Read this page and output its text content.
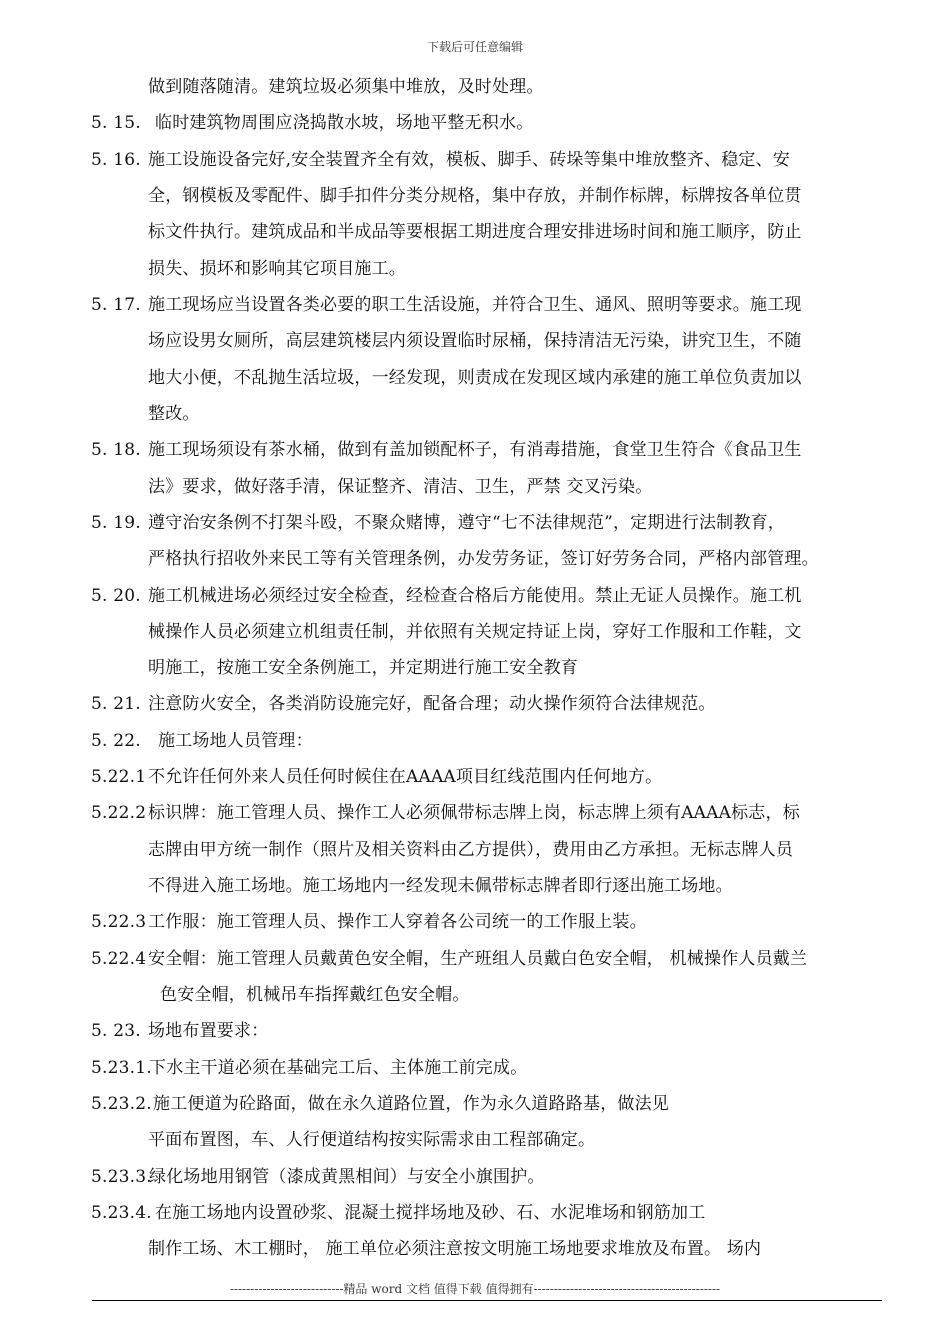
下载后可任意编辑
做到随落随清。建筑垃圾必须集中堆放，及时处理。
5. 15. 临时建筑物周围应浇捣散水坡，场地平整无积水。
5. 16. 施工设施设备完好,安全装置齐全有效，模板、脚手、砖垛等集中堆放整齐、稳定、安
全，钢模板及零配件、脚手扣件分类分规格，集中存放，并制作标牌，标牌按各单位贯
标文件执行。建筑成品和半成品等要根据工期进度合理安排进场时间和施工顺序，防止
损失、损坏和影响其它项目施工。
5. 17. 施工现场应当设置各类必要的职工生活设施，并符合卫生、通风、照明等要求。施工现
场应设男女厕所，高层建筑楼层内须设置临时尿桶，保持清洁无污染，讲究卫生，不随
地大小便，不乱抛生活垃圾，一经发现，则责成在发现区域内承建的施工单位负责加以
整改。
5. 18. 施工现场须设有茶水桶，做到有盖加锁配杯子，有消毒措施，食堂卫生符合《食品卫生
法》要求，做好落手清，保证整齐、清洁、卫生，严禁 交叉污染。
5. 19. 遵守治安条例不打架斗殴，不聚众赌博，遵守“七不法律规范”，定期进行法制教育，
严格执行招收外来民工等有关管理条例，办发劳务证，签订好劳务合同，严格内部管理。
5. 20. 施工机械进场必须经过安全检查，经检查合格后方能使用。禁止无证人员操作。施工机
械操作人员必须建立机组责任制，并依照有关规定持证上岗，穿好工作服和工作鞋，文
明施工，按施工安全条例施工，并定期进行施工安全教育
5. 21. 注意防火安全，各类消防设施完好，配备合理；动火操作须符合法律规范。
5. 22. 施工场地人员管理：
5.22.1 不允许任何外来人员任何时候住在AAAA项目红线范围内任何地方。
5.22.2 标识牌：施工管理人员、操作工人必须佩带标志牌上岗，标志牌上须有AAAA标志，标
志牌由甲方统一制作（照片及相关资料由乙方提供），费用由乙方承担。无标志牌人员
不得进入施工场地。施工场地内一经发现未佩带标志牌者即行逐出施工场地。
5.22.3 工作服：施工管理人员、操作工人穿着各公司统一的工作服上装。
5.22.4 安全帽：施工管理人员戴黄色安全帽，生产班组人员戴白色安全帽， 机械操作人员戴兰
色安全帽，机械吊车指挥戴红色安全帽。
5. 23. 场地布置要求：
5.23.1.下水主干道必须在基础完工后、主体施工前完成。
5.23.2.施工便道为砼路面，做在永久道路位置，作为永久道路路基，做法见
平面布置图，车、人行便道结构按实际需求由工程部确定。
5.23.3.绿化场地用钢管（漆成黄黑相间）与安全小旗围护。
5.23.4. 在施工场地内设置砂浆、混凝土搅拌场地及砂、石、水泥堆场和钢筋加工
制作工场、木工棚时， 施工单位必须注意按文明施工场地要求堆放及布置。 场内
----------------------------精品 word 文档 值得下载 值得拥有----------------------------------------------
